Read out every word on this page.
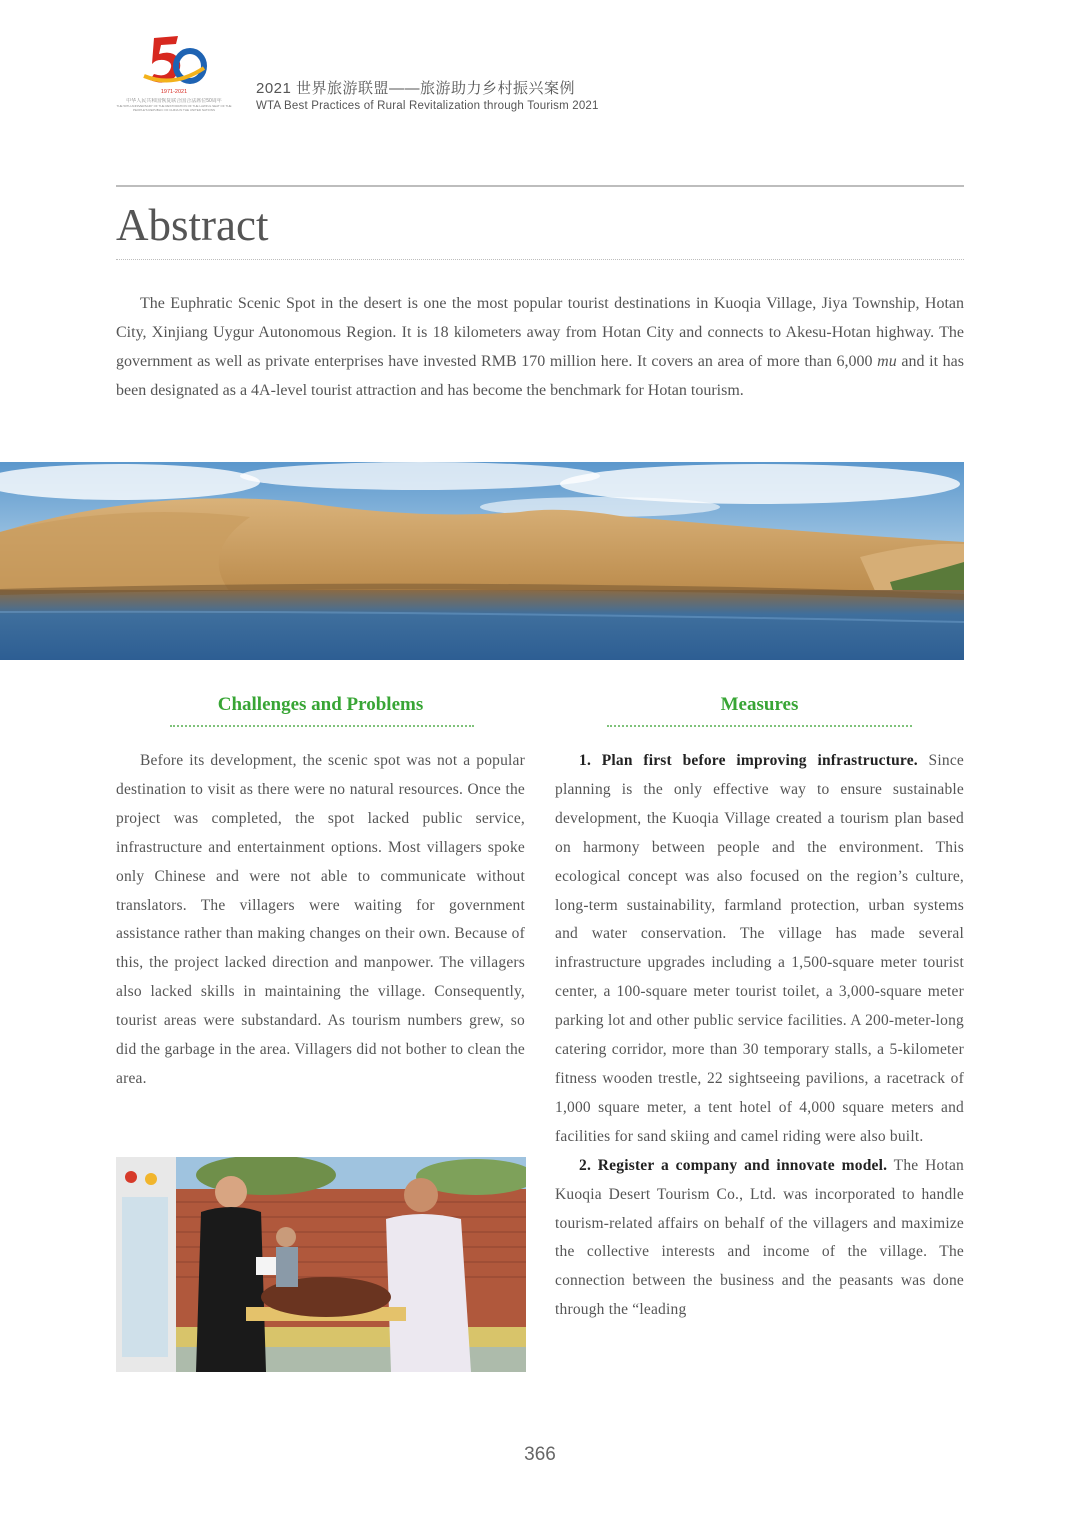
1971-2021
中华人民共和国恢复联合国合法席位50周年
THE 50TH ANNIVERSARY OF THE RESTORATION OF THE LAWFUL SEAT OF THE PEOPLE'S REPUBLIC OF CHINA IN THE UNITED NATIONS
2021 世界旅游联盟——旅游助力乡村振兴案例
WTA Best Practices of Rural Revitalization through Tourism 2021
Abstract

The Euphratic Scenic Spot in the desert is one the most popular tourist destinations in Kuoqia Village, Jiya Township, Hotan City, Xinjiang Uygur Autonomous Region. It is 18 kilometers away from Hotan City and connects to Akesu-Hotan highway. The government as well as private enterprises have invested RMB 170 million here. It covers an area of more than 6,000 mu and it has been designated as a 4A-level tourist attraction and has become the benchmark for Hotan tourism.

Challenges and Problems	Measures

Before its development, the scenic spot was not a popular destination to visit as there were no natural resources. Once the project was completed, the spot lacked public service, infrastructure and entertainment options. Most villagers spoke only Chinese and were not able to communicate without translators. The villagers were waiting for government assistance rather than making changes on their own. Because of this, the project lacked direction and manpower. The villagers also lacked skills in maintaining the village. Consequently, tourist areas were substandard. As tourism numbers grew, so did the garbage in the area. Villagers did not bother to clean the area.

1. Plan first before improving infrastructure. Since planning is the only effective way to ensure sustainable development, the Kuoqia Village created a tourism plan based on harmony between people and the environment. This ecological concept was also focused on the region’s culture, long-term sustainability, farmland protection, urban systems and water conservation. The village has made several infrastructure upgrades including a 1,500-square meter tourist center, a 100-square meter tourist toilet, a 3,000-square meter parking lot and other public service facilities. A 200-meter-long catering corridor, more than 30 temporary stalls, a 5-kilometer fitness wooden trestle, 22 sightseeing pavilions, a racetrack of 1,000 square meter, a tent hotel of 4,000 square meters and facilities for sand skiing and camel riding were also built.

2. Register a company and innovate model. The Hotan Kuoqia Desert Tourism Co., Ltd. was incorporated to handle tourism-related affairs on behalf of the villagers and maximize the collective interests and income of the village. The connection between the business and the peasants was done through the “leading

366
